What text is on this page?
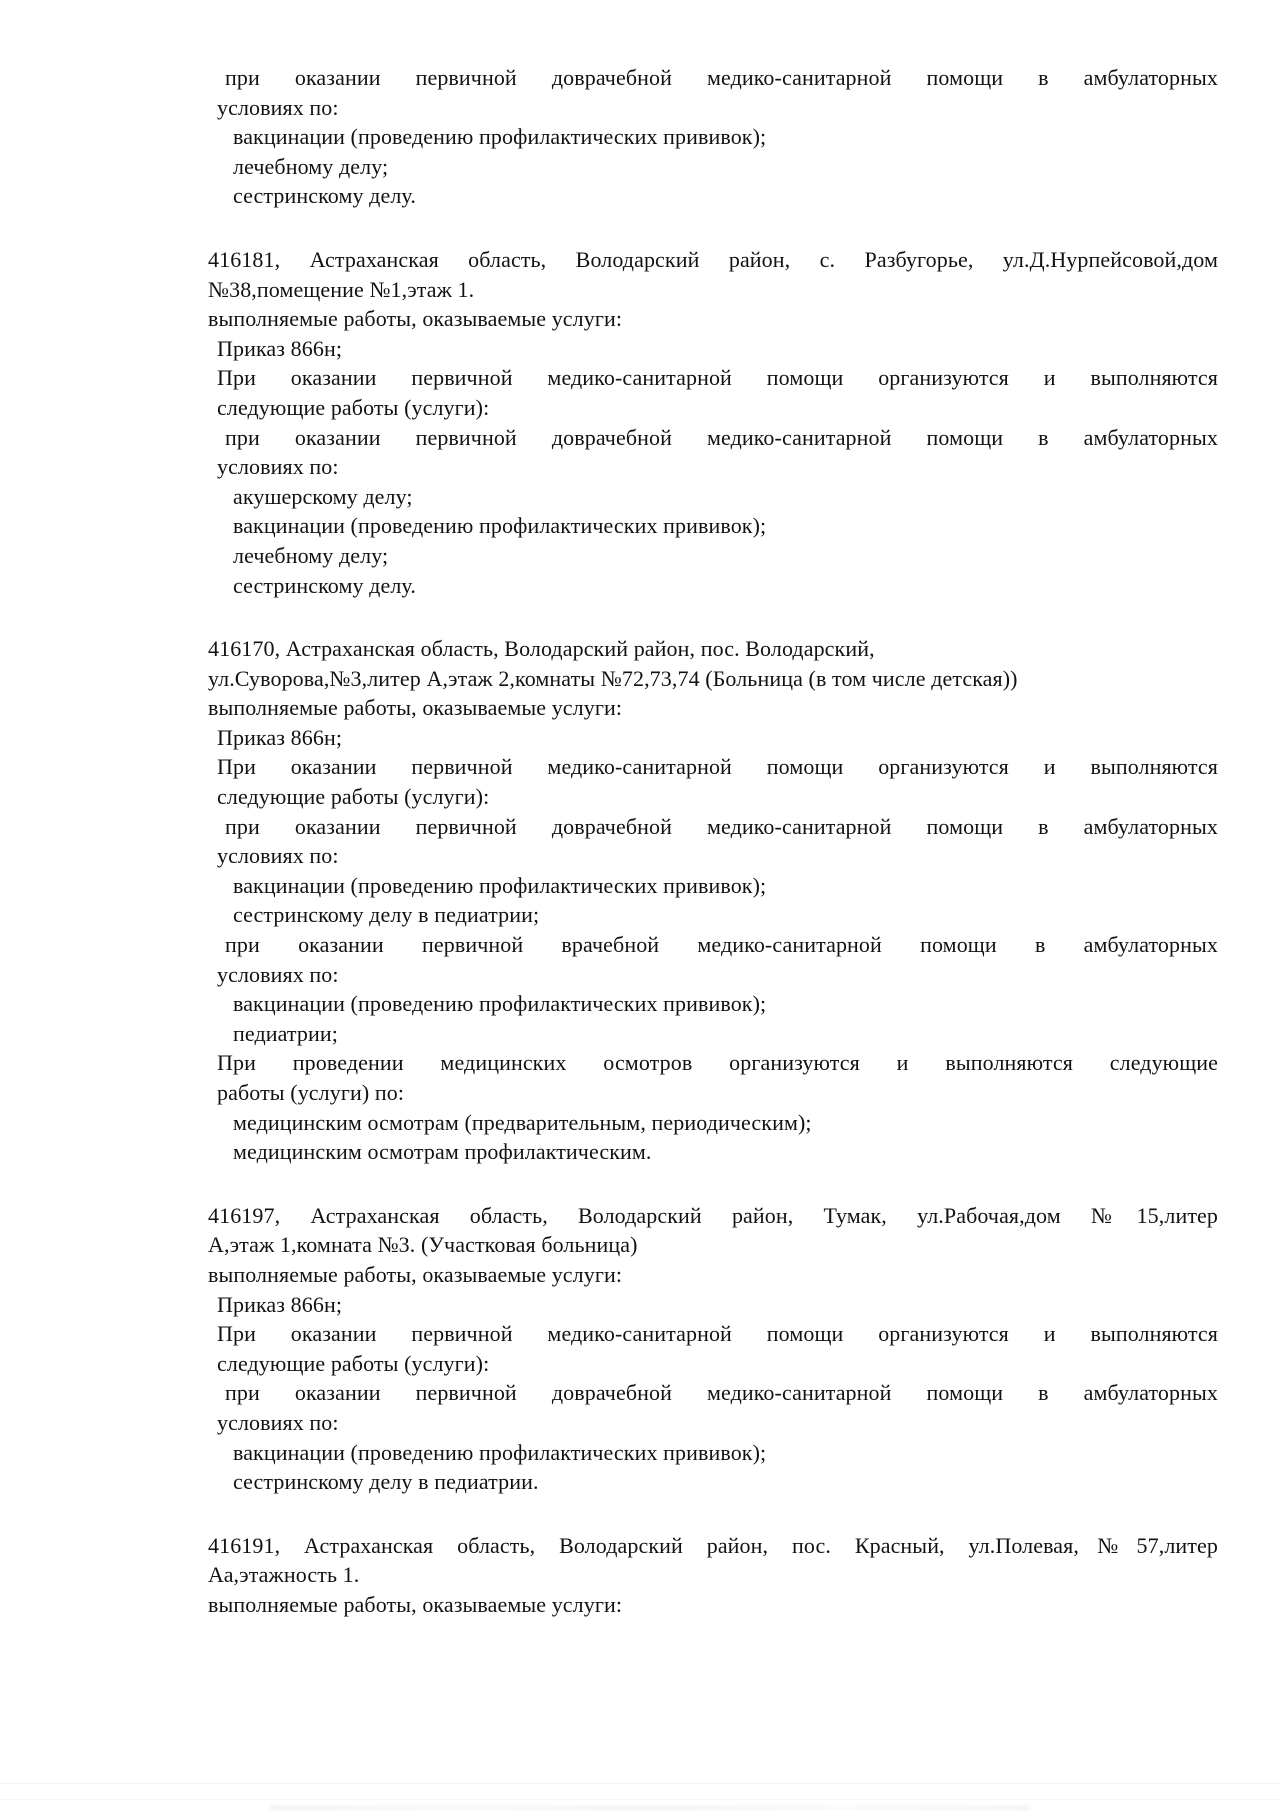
при оказании первичной доврачебной медико-санитарной помощи в амбулаторных
условиях по:
вакцинации (проведению профилактических прививок);
лечебному делу;
сестринскому делу.
416181, Астраханская область, Володарский район, с. Разбугорье, ул.Д.Нурпейсовой,дом
№38,помещение №1,этаж 1.
выполняемые работы, оказываемые услуги:
Приказ 866н;
При оказании первичной медико-санитарной помощи организуются и выполняются
следующие работы (услуги):
при оказании первичной доврачебной медико-санитарной помощи в амбулаторных
условиях по:
акушерскому делу;
вакцинации (проведению профилактических прививок);
лечебному делу;
сестринскому делу.
416170, Астраханская область, Володарский район, пос. Володарский,
ул.Суворова,№3,литер А,этаж 2,комнаты №72,73,74 (Больница (в том числе детская))
выполняемые работы, оказываемые услуги:
Приказ 866н;
При оказании первичной медико-санитарной помощи организуются и выполняются
следующие работы (услуги):
при оказании первичной доврачебной медико-санитарной помощи в амбулаторных
условиях по:
вакцинации (проведению профилактических прививок);
сестринскому делу в педиатрии;
при оказании первичной врачебной медико-санитарной помощи в амбулаторных
условиях по:
вакцинации (проведению профилактических прививок);
педиатрии;
При проведении медицинских осмотров организуются и выполняются следующие
работы (услуги) по:
медицинским осмотрам (предварительным, периодическим);
медицинским осмотрам профилактическим.
416197, Астраханская область, Володарский район, Тумак, ул.Рабочая,дом №15,литер
А,этаж 1,комната №3. (Участковая больница)
выполняемые работы, оказываемые услуги:
Приказ 866н;
При оказании первичной медико-санитарной помощи организуются и выполняются
следующие работы (услуги):
при оказании первичной доврачебной медико-санитарной помощи в амбулаторных
условиях по:
вакцинации (проведению профилактических прививок);
сестринскому делу в педиатрии.
416191, Астраханская область, Володарский район, пос. Красный, ул.Полевая,№57,литер
Аа,этажность 1.
выполняемые работы, оказываемые услуги:
